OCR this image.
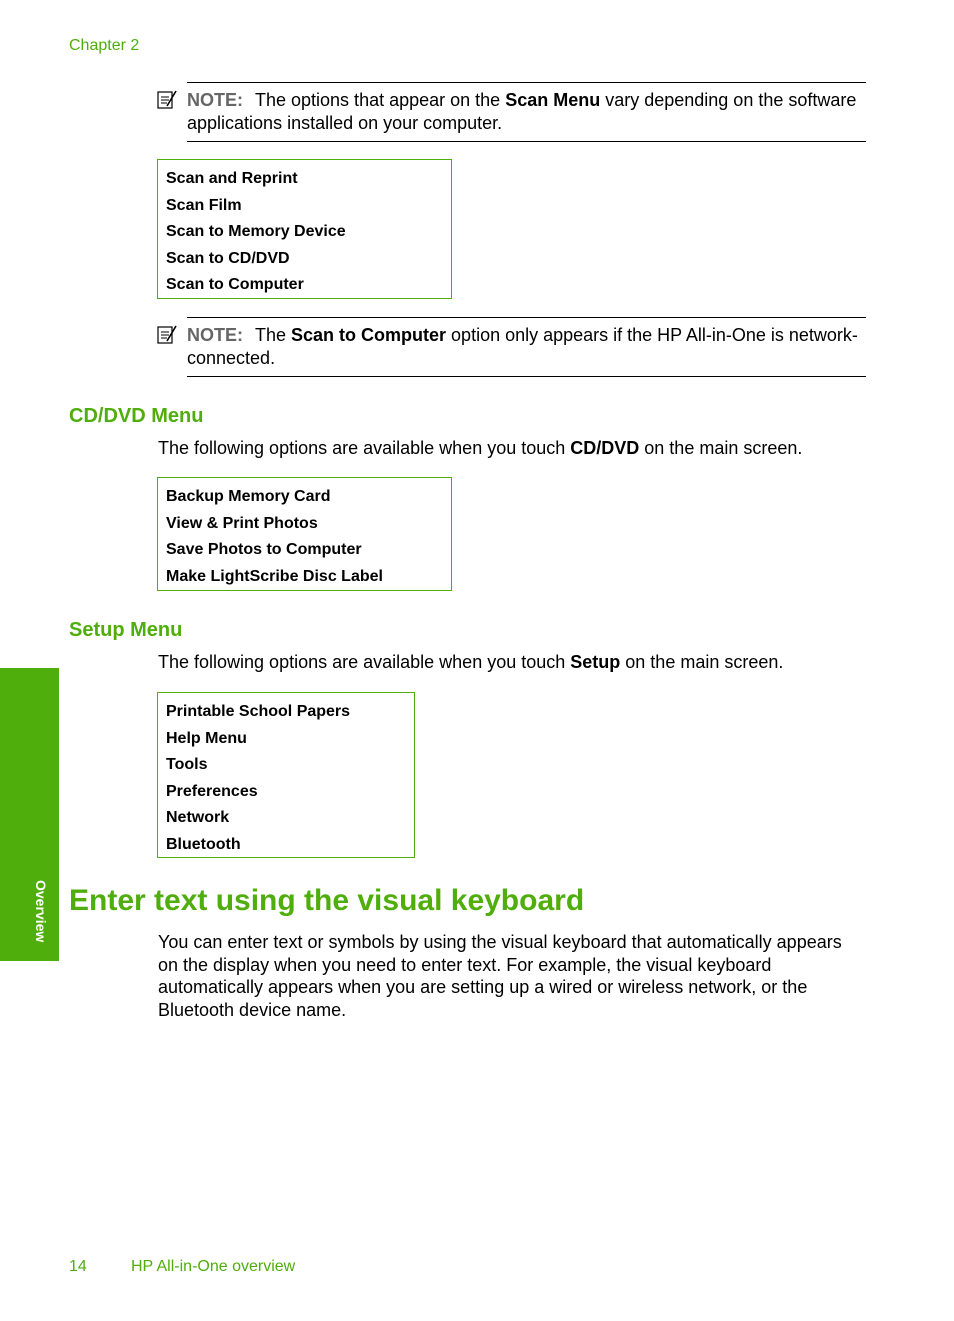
Chapter 2
NOTE: The options that appear on the Scan Menu vary depending on the software applications installed on your computer.
Scan and Reprint
Scan Film
Scan to Memory Device
Scan to CD/DVD
Scan to Computer
NOTE: The Scan to Computer option only appears if the HP All-in-One is network-connected.
CD/DVD Menu
The following options are available when you touch CD/DVD on the main screen.
Backup Memory Card
View & Print Photos
Save Photos to Computer
Make LightScribe Disc Label
Setup Menu
The following options are available when you touch Setup on the main screen.
Printable School Papers
Help Menu
Tools
Preferences
Network
Bluetooth
Overview Enter text using the visual keyboard
You can enter text or symbols by using the visual keyboard that automatically appears on the display when you need to enter text. For example, the visual keyboard automatically appears when you are setting up a wired or wireless network, or the Bluetooth device name.
14	HP All-in-One overview
